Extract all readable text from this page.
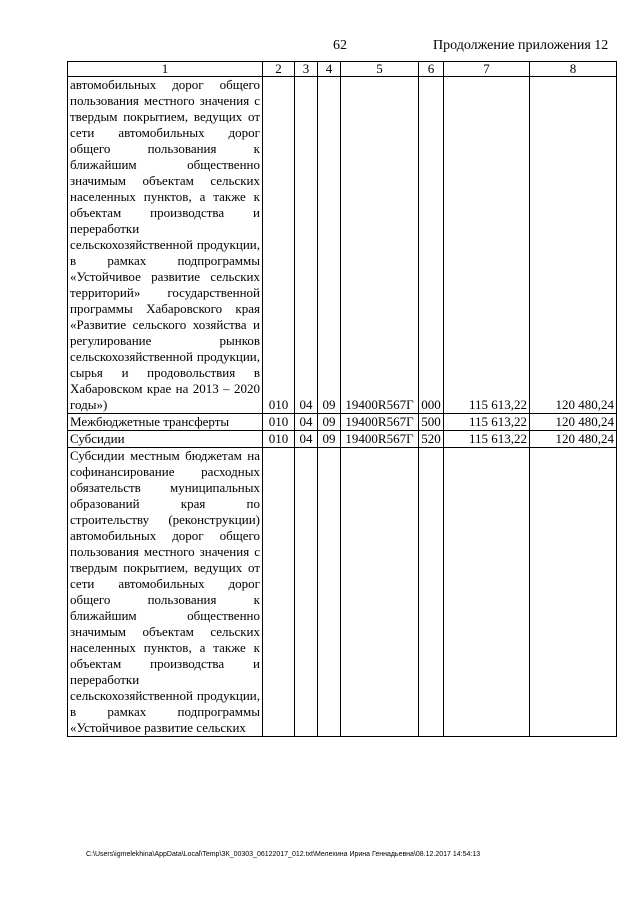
62	Продолжение приложения 12
1	2	3	4	5	6	7	8
автомобильных дорог общего пользования местного значения с твердым покрытием, ведущих от сети автомобильных дорог общего пользования к ближайшим общественно значимым объектам сельских населенных пунктов, а также к объектам производства и переработки сельскохозяйственной продукции, в рамках подпрограммы «Устойчивое развитие сельских территорий» государственной программы Хабаровского края «Развитие сельского хозяйства и регулирование рынков сельскохозяйственной продукции, сырья и продовольствия в Хабаровском крае на 2013 – 2020 годы»)	010	04	09	19400R567Г	000	115 613,22	120 480,24
Межбюджетные трансферты	010	04	09	19400R567Г	500	115 613,22	120 480,24
Субсидии	010	04	09	19400R567Г	520	115 613,22	120 480,24
Субсидии местным бюджетам на софинансирование расходных обязательств муниципальных образований края по строительству (реконструкции) автомобильных дорог общего пользования местного значения с твердым покрытием, ведущих от сети автомобильных дорог общего пользования к ближайшим общественно значимым объектам сельских населенных пунктов, а также к объектам производства и переработки сельскохозяйственной продукции, в рамках подпрограммы «Устойчивое развитие сельских							
C:\Users\igmelekhina\AppData\Local\Temp\ЗК_00303_06122017_012.txt\Мелехина Ирина Геннадьевна\08.12.2017 14:54:13
